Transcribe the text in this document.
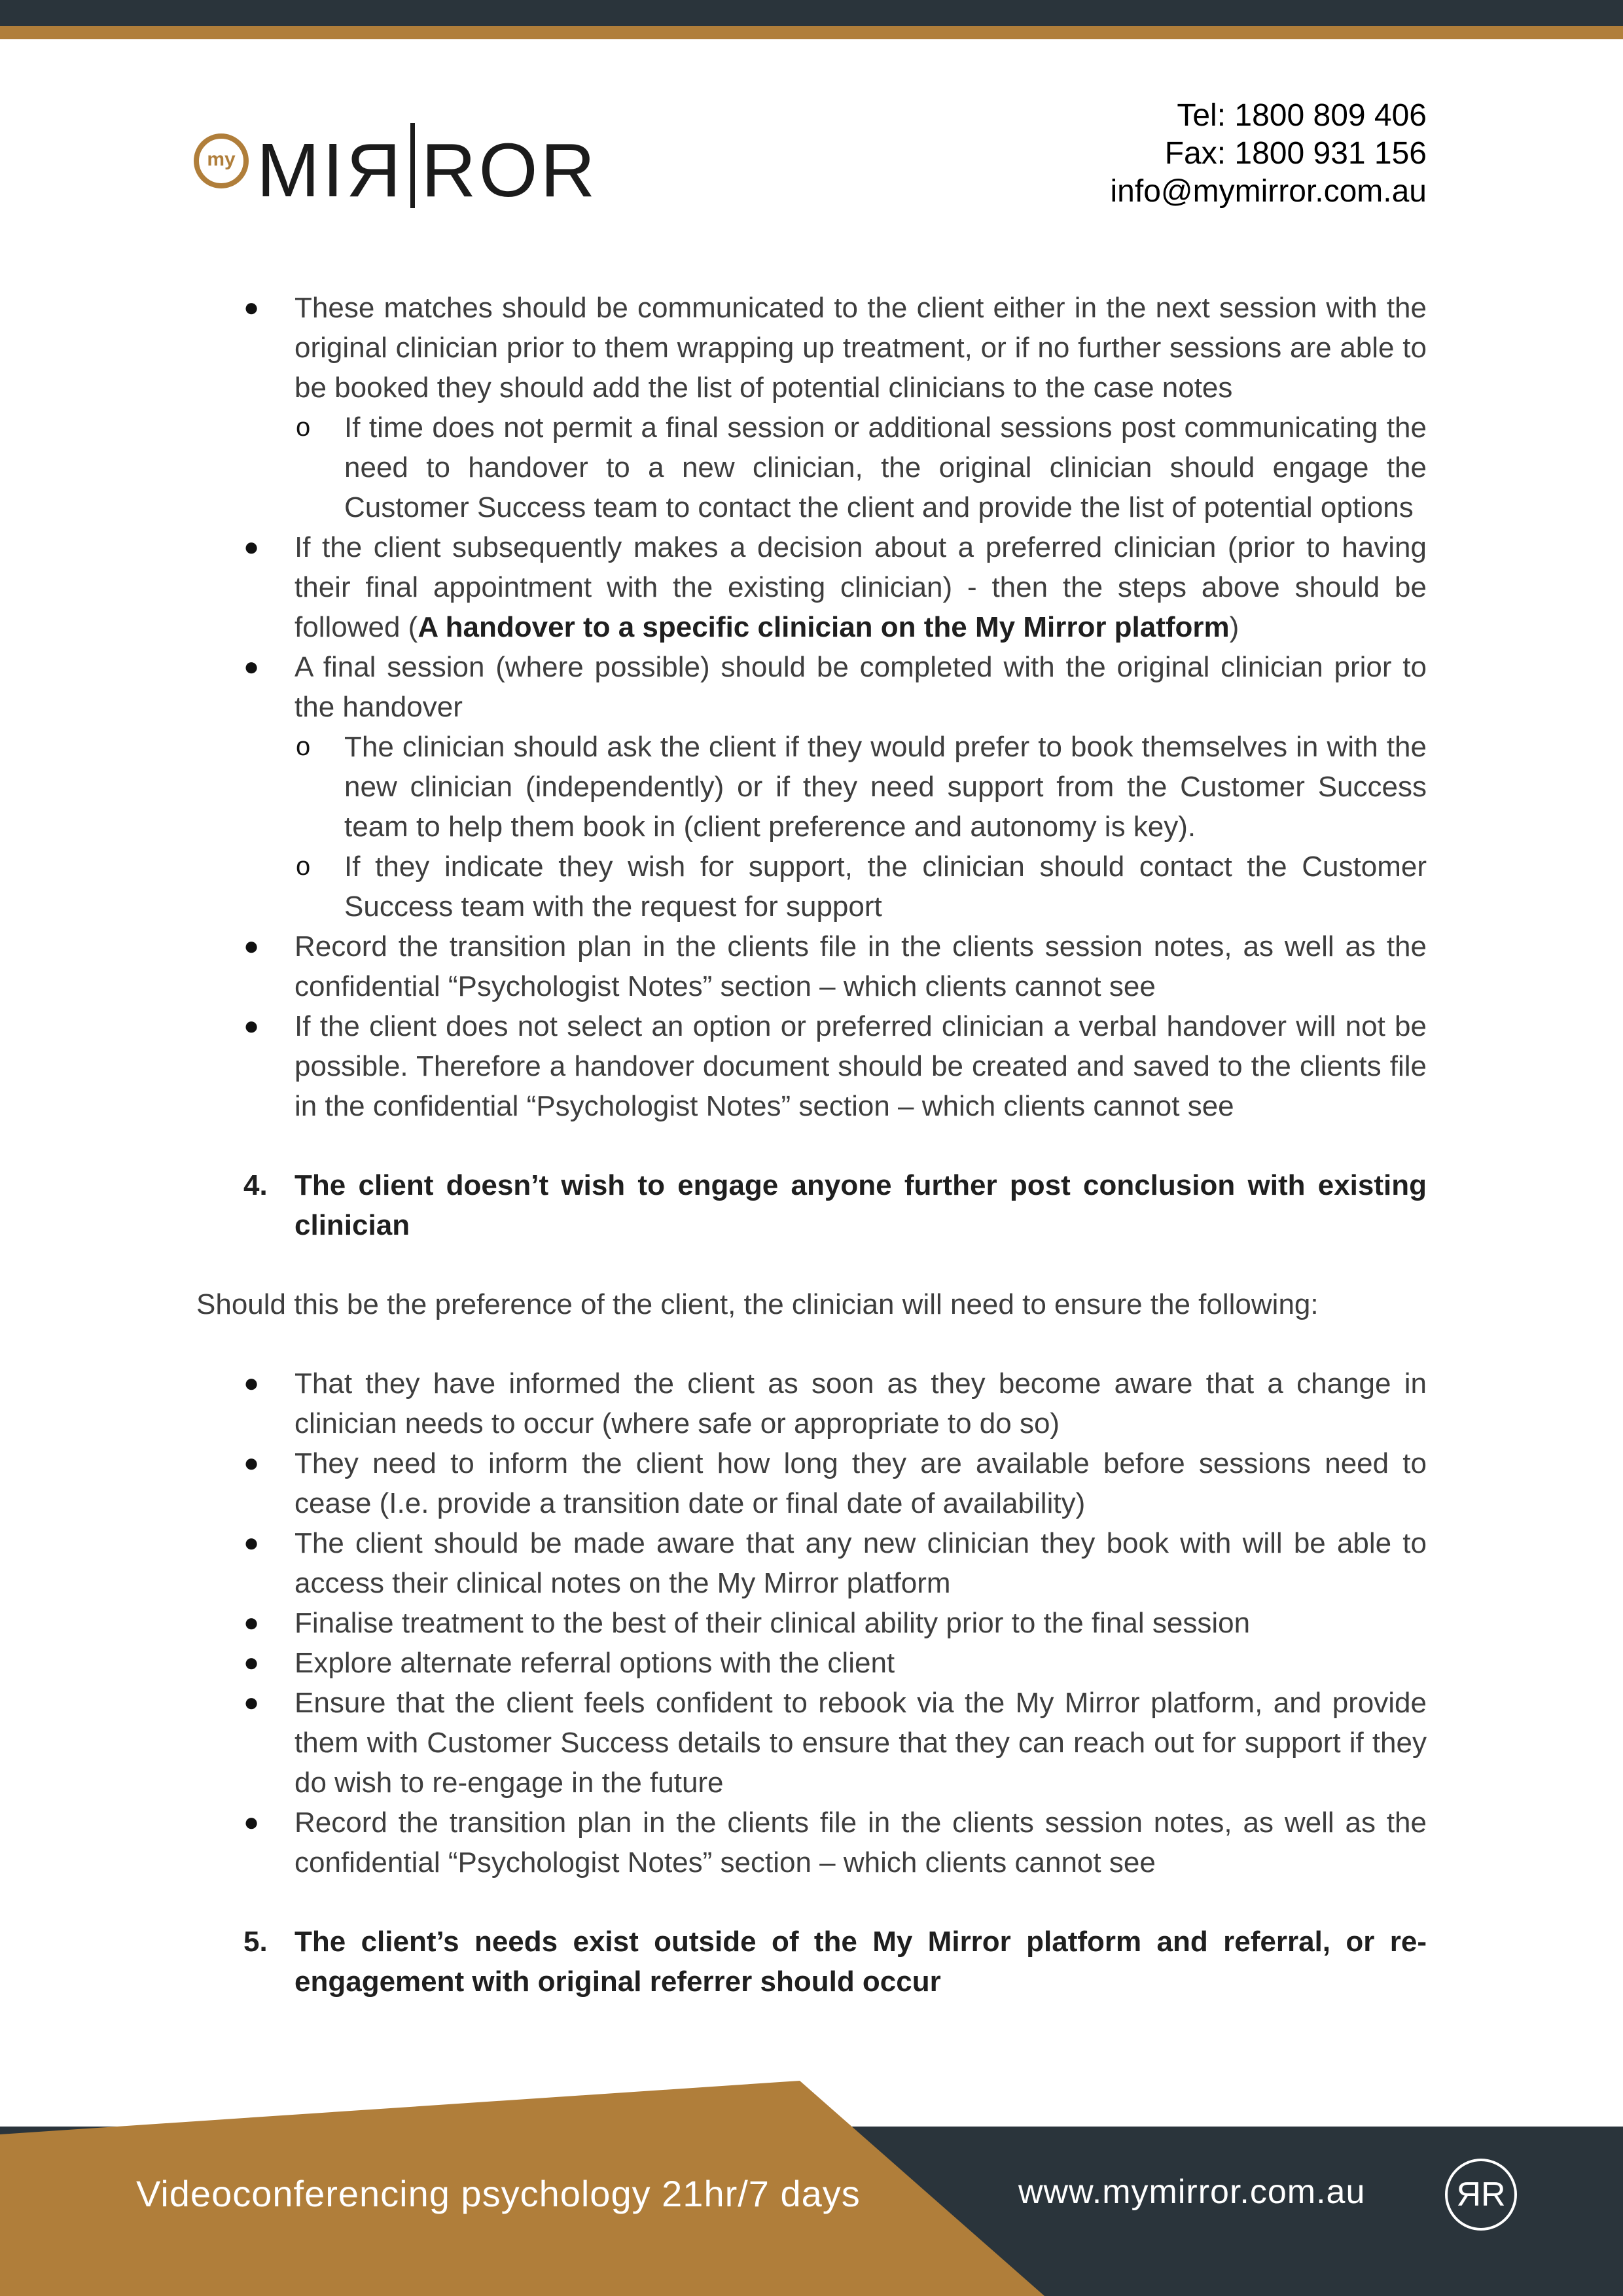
my MIЯ ROR
Tel: 1800 809 406
Fax: 1800 931 156
info@mymirror.com.au
● These matches should be communicated to the client either in the next session with the original clinician prior to them wrapping up treatment, or if no further sessions are able to be booked they should add the list of potential clinicians to the case notes
o If time does not permit a final session or additional sessions post communicating the need to handover to a new clinician, the original clinician should engage the Customer Success team to contact the client and provide the list of potential options
● If the client subsequently makes a decision about a preferred clinician (prior to having their final appointment with the existing clinician) - then the steps above should be followed (A handover to a specific clinician on the My Mirror platform)
● A final session (where possible) should be completed with the original clinician prior to the handover
o The clinician should ask the client if they would prefer to book themselves in with the new clinician (independently) or if they need support from the Customer Success team to help them book in (client preference and autonomy is key).
o If they indicate they wish for support, the clinician should contact the Customer Success team with the request for support
● Record the transition plan in the clients file in the clients session notes, as well as the confidential “Psychologist Notes” section – which clients cannot see
● If the client does not select an option or preferred clinician a verbal handover will not be possible. Therefore a handover document should be created and saved to the clients file in the confidential “Psychologist Notes” section – which clients cannot see
4. The client doesn’t wish to engage anyone further post conclusion with existing clinician
Should this be the preference of the client, the clinician will need to ensure the following:
● That they have informed the client as soon as they become aware that a change in clinician needs to occur (where safe or appropriate to do so)
● They need to inform the client how long they are available before sessions need to cease (I.e. provide a transition date or final date of availability)
● The client should be made aware that any new clinician they book with will be able to access their clinical notes on the My Mirror platform
● Finalise treatment to the best of their clinical ability prior to the final session
● Explore alternate referral options with the client
● Ensure that the client feels confident to rebook via the My Mirror platform, and provide them with Customer Success details to ensure that they can reach out for support if they do wish to re-engage in the future
● Record the transition plan in the clients file in the clients session notes, as well as the confidential “Psychologist Notes” section – which clients cannot see
5. The client’s needs exist outside of the My Mirror platform and referral, or re-engagement with original referrer should occur
Videoconferencing psychology 21hr/7 days	www.mymirror.com.au	ЯR
